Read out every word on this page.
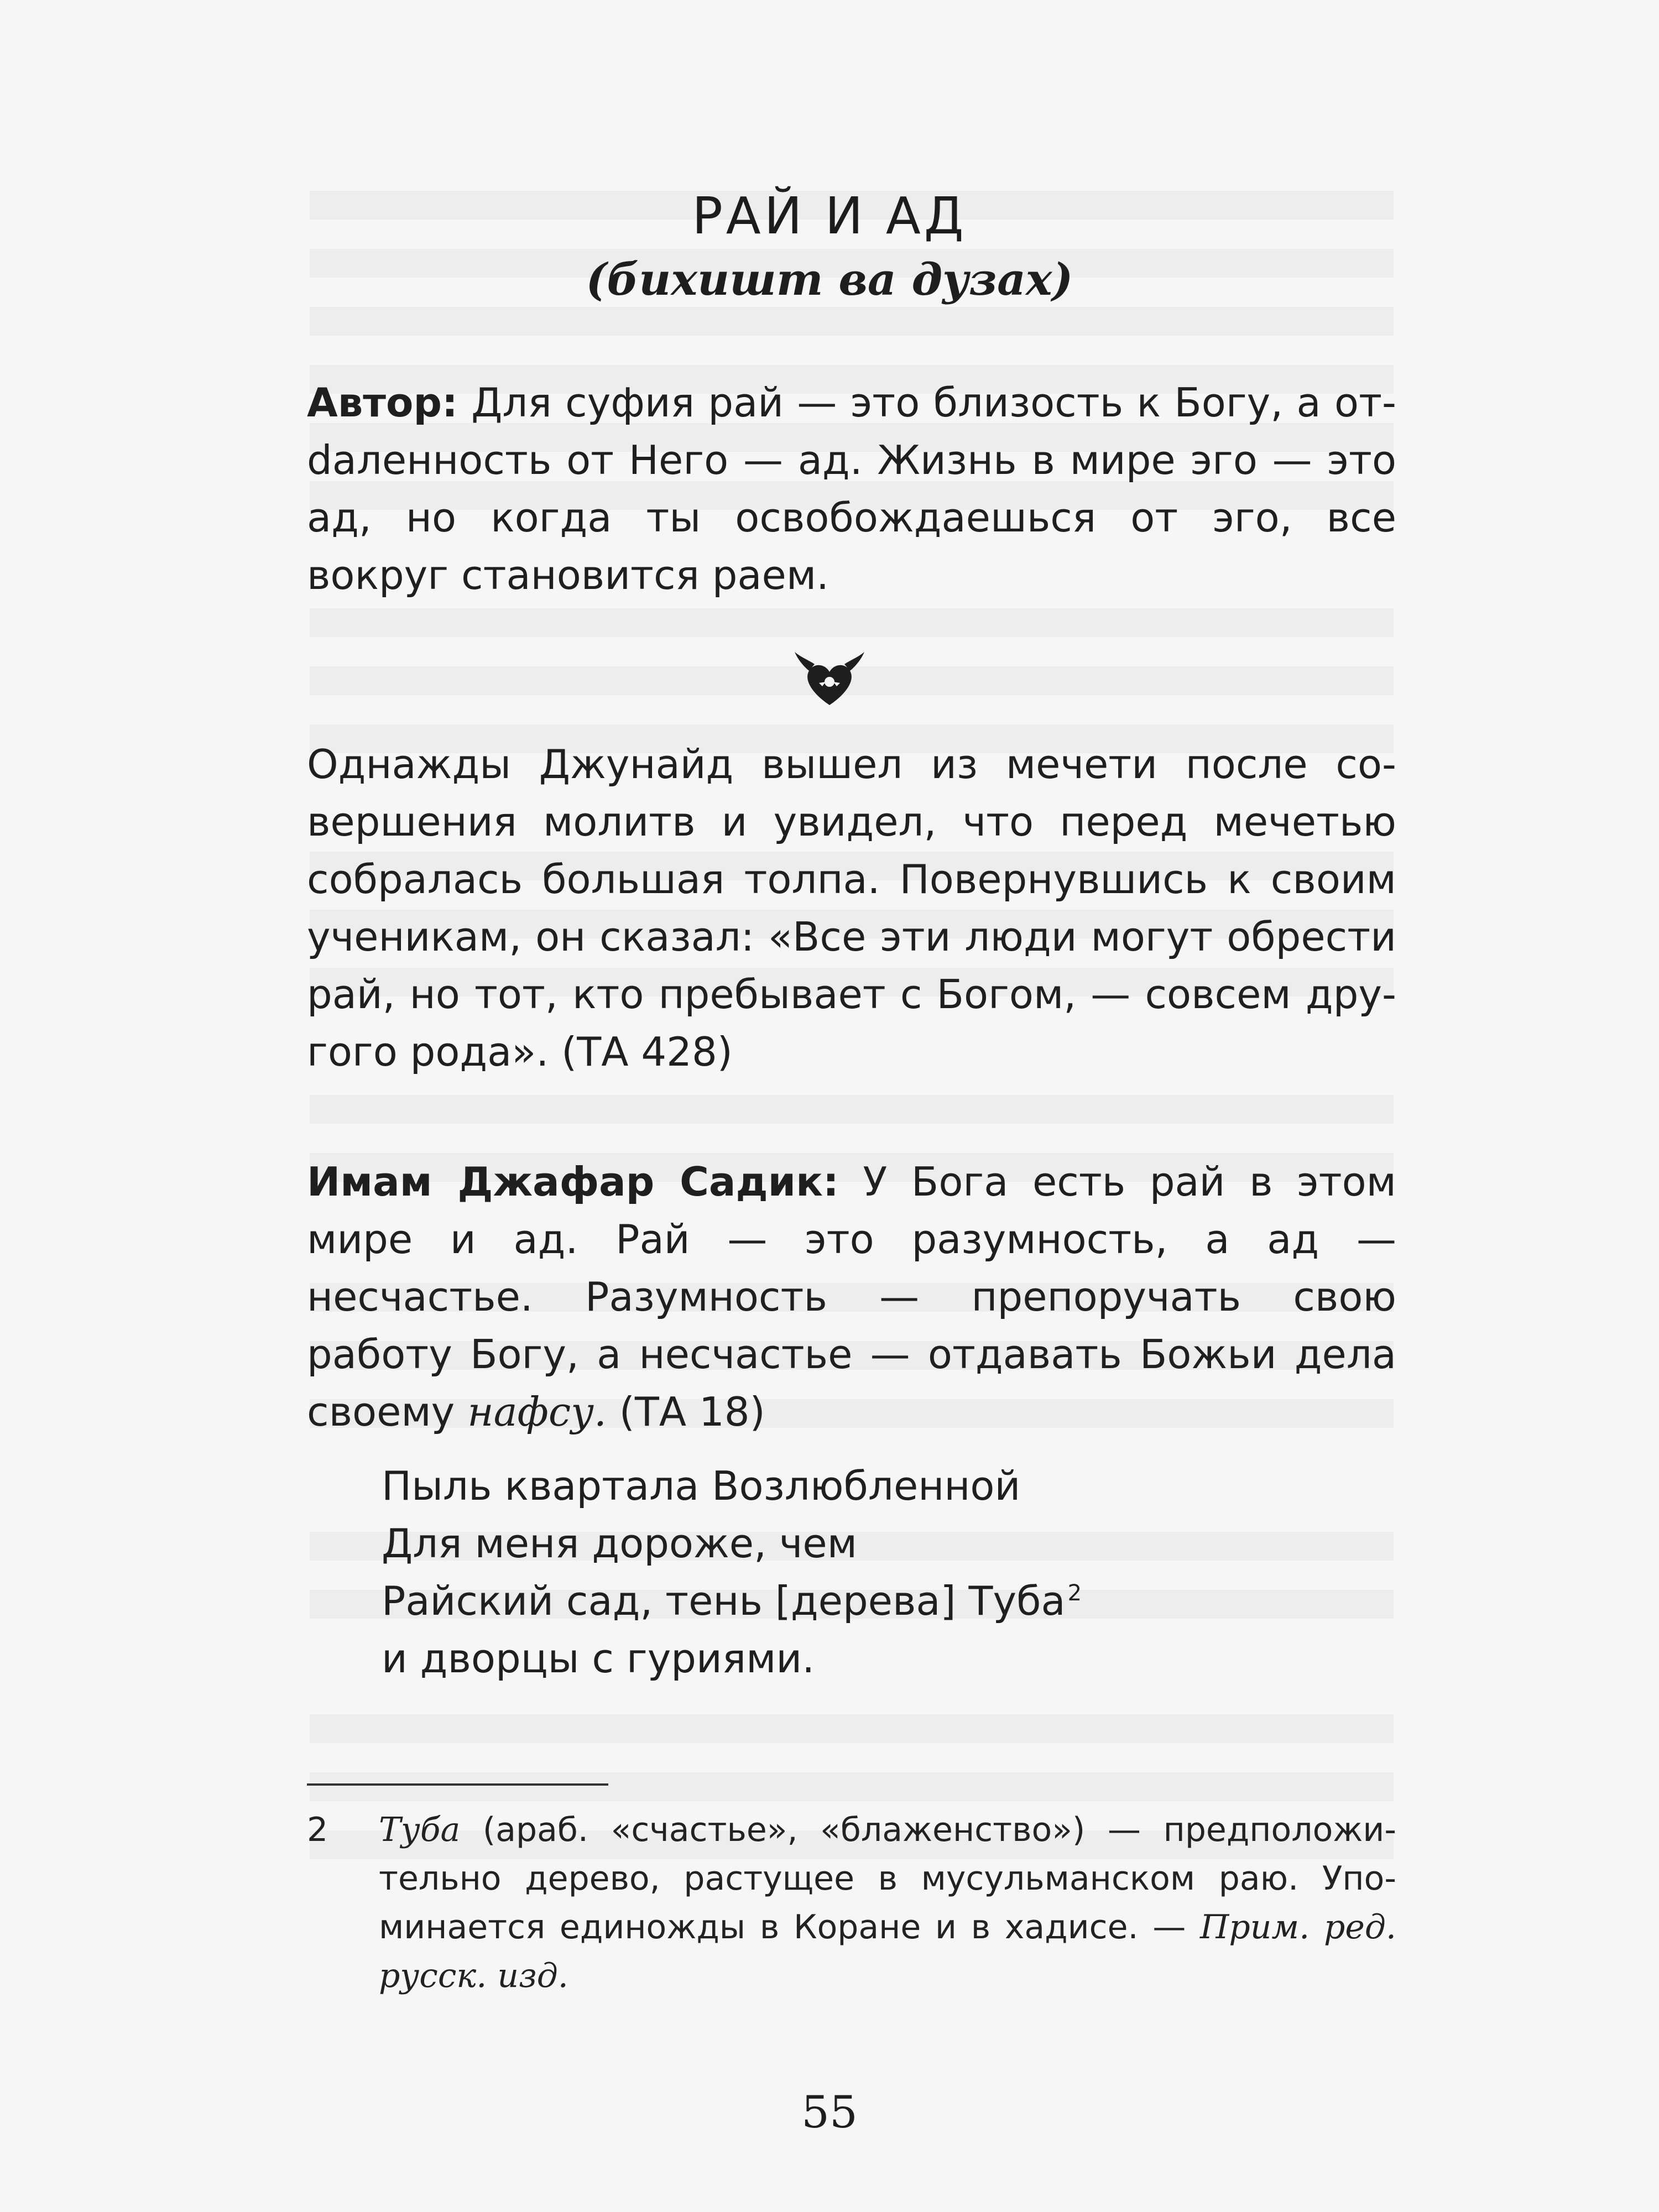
РАЙ И АД
(бихишт ва дузах)

Автор: Для суфия рай — это близость к Богу, а отdаленность от Него — ад. Жизнь в мире эго — это ад, но когда ты освобождаешься от эго, все вокруг становится раем.

Однажды Джунайд вышел из мечети после совершения молитв и увидел, что перед мечетью собралась большая толпа. Повернувшись к своим ученикам, он сказал: «Все эти люди могут обрести рай, но тот, кто пребывает с Богом, — совсем другого рода». (ТА 428)

Имам Джафар Садик: У Бога есть рай в этом мире и ад. Рай — это разумность, а ад — несчастье. Разумность — препоручать свою работу Богу, а несчастье — отдавать Божьи дела своему нафсу. (ТА 18)

Пыль квартала Возлюбленной
Для меня дороже, чем
Райский сад, тень [дерева] Туба $^2$
и дворцы с гуриями.
2 Туба (араб. «счастье», «блаженство») — предположительно дерево, растущее в мусульманском раю. Упоминается единожды в Коране и в хадисе. — Прим. ред. русск. изд.
55
